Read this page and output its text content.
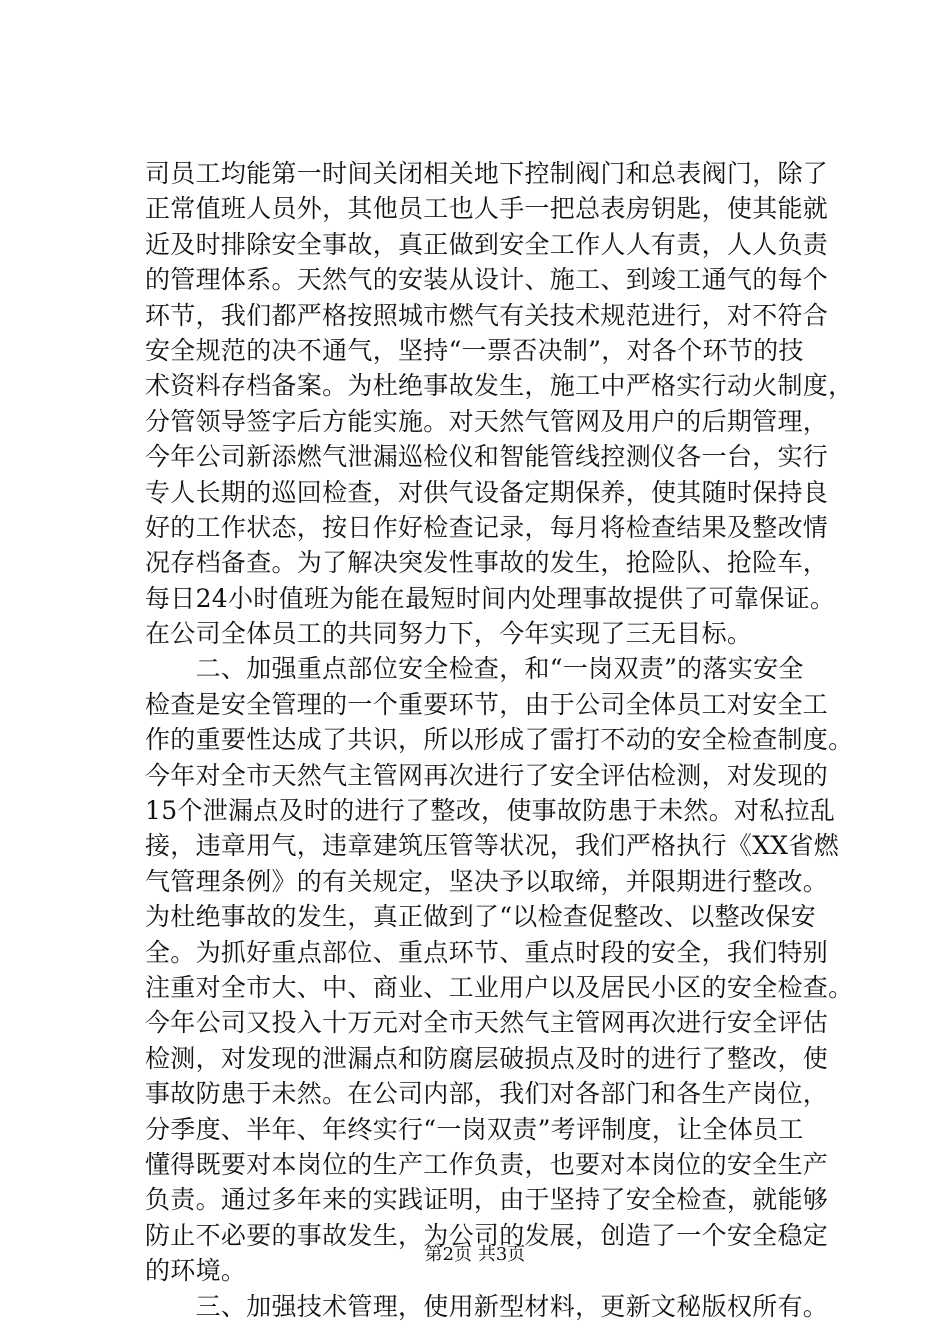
司员工均能第一时间关闭相关地下控制阀门和总表阀门，除了
正常值班人员外，其他员工也人手一把总表房钥匙，使其能就
近及时排除安全事故，真正做到安全工作人人有责，人人负责
的管理体系。天然气的安装从设计、施工、到竣工通气的每个
环节，我们都严格按照城市燃气有关技术规范进行，对不符合
安全规范的决不通气，坚持“一票否决制”，对各个环节的技
术资料存档备案。为杜绝事故发生，施工中严格实行动火制度，
分管领导签字后方能实施。对天然气管网及用户的后期管理，
今年公司新添燃气泄漏巡检仪和智能管线控测仪各一台，实行
专人长期的巡回检查，对供气设备定期保养，使其随时保持良
好的工作状态，按日作好检查记录，每月将检查结果及整改情
况存档备查。为了解决突发性事故的发生，抢险队、抢险车，
每日24小时值班为能在最短时间内处理事故提供了可靠保证。
在公司全体员工的共同努力下，今年实现了三无目标。
　　二、加强重点部位安全检查，和“一岗双责”的落实安全
检查是安全管理的一个重要环节，由于公司全体员工对安全工
作的重要性达成了共识，所以形成了雷打不动的安全检查制度。
今年对全市天然气主管网再次进行了安全评估检测，对发现的
15个泄漏点及时的进行了整改，使事故防患于未然。对私拉乱
接，违章用气，违章建筑压管等状况，我们严格执行《XX省燃
气管理条例》的有关规定，坚决予以取缔，并限期进行整改。
为杜绝事故的发生，真正做到了“以检查促整改、以整改保安
全。为抓好重点部位、重点环节、重点时段的安全，我们特别
注重对全市大、中、商业、工业用户以及居民小区的安全检查。
今年公司又投入十万元对全市天然气主管网再次进行安全评估
检测，对发现的泄漏点和防腐层破损点及时的进行了整改，使
事故防患于未然。在公司内部，我们对各部门和各生产岗位，
分季度、半年、年终实行“一岗双责”考评制度，让全体员工
懂得既要对本岗位的生产工作负责，也要对本岗位的安全生产
负责。通过多年来的实践证明，由于坚持了安全检查，就能够
防止不必要的事故发生，为公司的发展，创造了一个安全稳定
的环境。
　　三、加强技术管理，使用新型材料，更新文秘版权所有。
第2页 共3页
